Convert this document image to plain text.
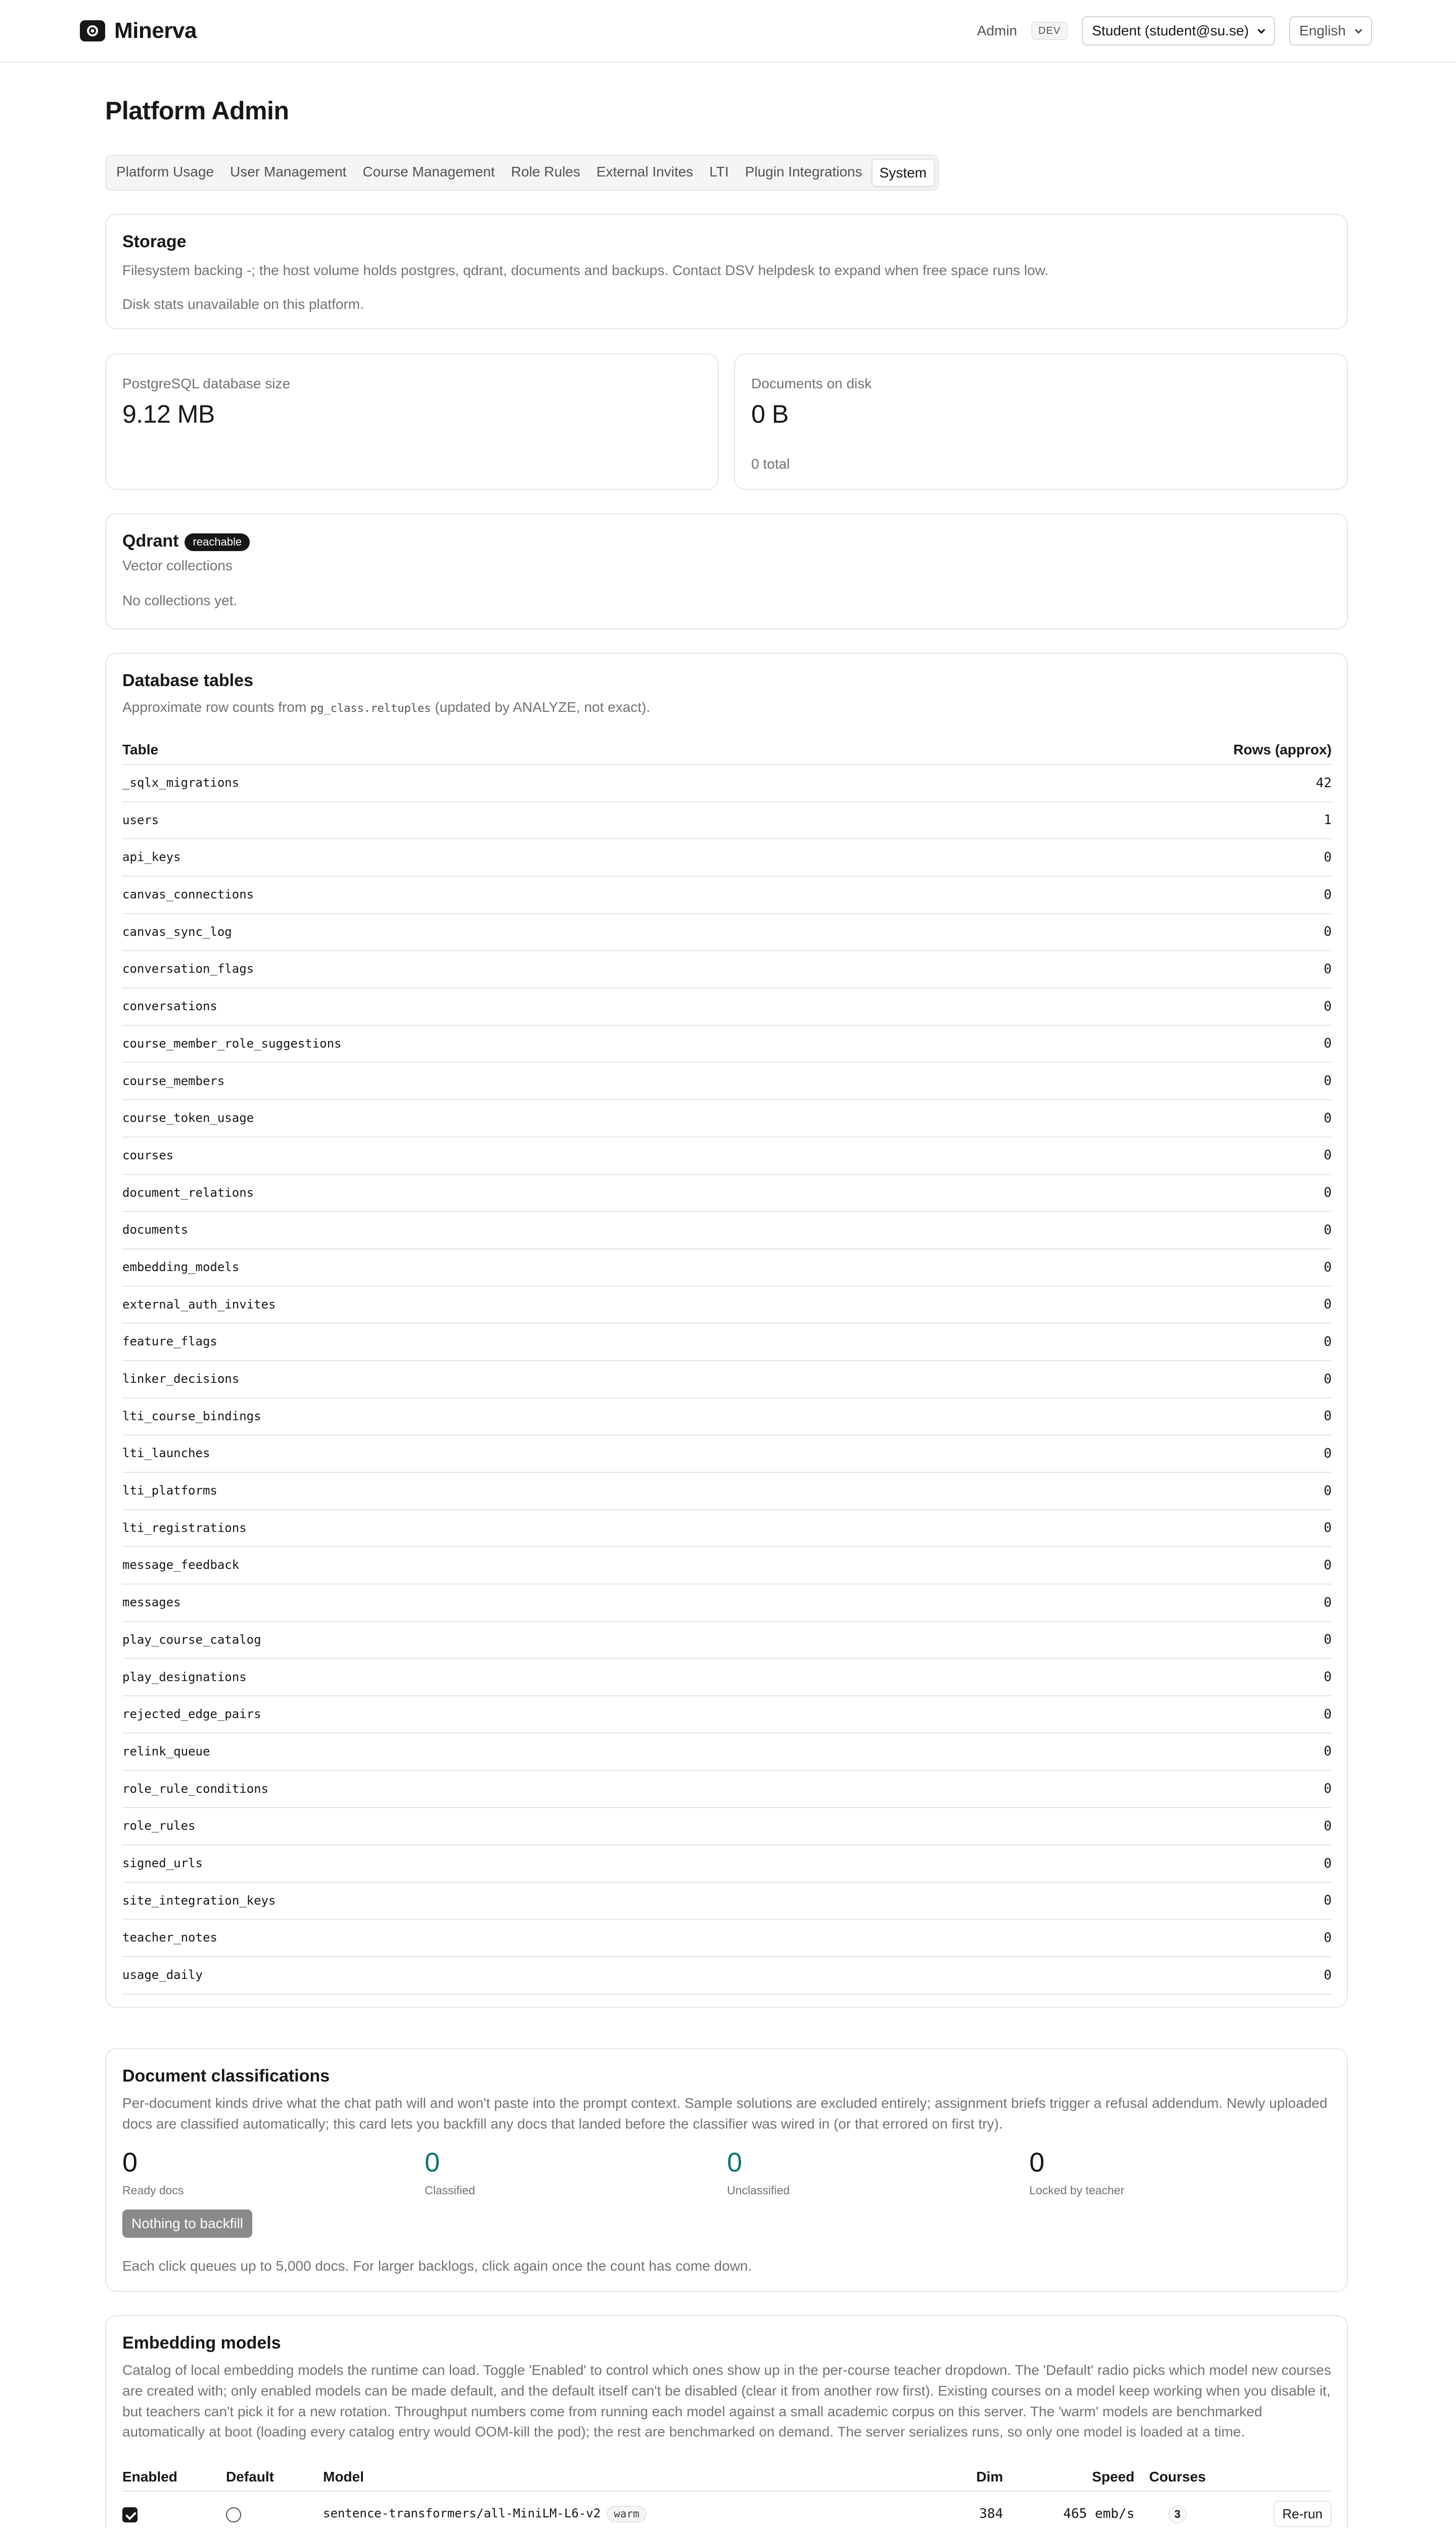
Minerva	Admin	DEV	Student (student@su.se)	English
Platform Admin
Platform Usage	User Management	Course Management	Role Rules	External Invites	LTI	Plugin Integrations	System
Storage

Filesystem backing -; the host volume holds postgres, qdrant, documents and backups. Contact DSV helpdesk to expand when free space runs low.

Disk stats unavailable on this platform.

PostgreSQL database size
9.12 MB
Documents on disk
0 B
0 total
Qdrant reachable

Vector collections

No collections yet.

Database tables

Approximate row counts from pg_class.reltuples (updated by ANALYZE, not exact).

Table	Rows (approx)
_sqlx_migrations	42
users	1
api_keys	0
canvas_connections	0
canvas_sync_log	0
conversation_flags	0
conversations	0
course_member_role_suggestions	0
course_members	0
course_token_usage	0
courses	0
document_relations	0
documents	0
embedding_models	0
external_auth_invites	0
feature_flags	0
linker_decisions	0
lti_course_bindings	0
lti_launches	0
lti_platforms	0
lti_registrations	0
message_feedback	0
messages	0
play_course_catalog	0
play_designations	0
rejected_edge_pairs	0
relink_queue	0
role_rule_conditions	0
role_rules	0
signed_urls	0
site_integration_keys	0
teacher_notes	0
usage_daily	0
Document classifications

Per-document kinds drive what the chat path will and won't paste into the prompt context. Sample solutions are excluded entirely; assignment briefs trigger a refusal addendum. Newly uploaded docs are classified automatically; this card lets you backfill any docs that landed before the classifier was wired in (or that errored on first try).

0
Ready docs
0
Classified
0
Unclassified
0
Locked by teacher
Nothing to backfill

Each click queues up to 5,000 docs. For larger backlogs, click again once the count has come down.

Embedding models

Catalog of local embedding models the runtime can load. Toggle 'Enabled' to control which ones show up in the per-course teacher dropdown. The 'Default' radio picks which model new courses are created with; only enabled models can be made default, and the default itself can't be disabled (clear it from another row first). Existing courses on a model keep working when you disable it, but teachers can't pick it for a new rotation. Throughput numbers come from running each model against a small academic corpus on this server. The 'warm' models are benchmarked automatically at boot (loading every catalog entry would OOM-kill the pod); the rest are benchmarked on demand. The server serializes runs, so only one model is loaded at a time.

Enabled	Default	Model	Dim	Speed	Courses	
		sentence-transformers/all-MiniLM-L6-v2 warm	384	465 emb/s	3	Re-run
